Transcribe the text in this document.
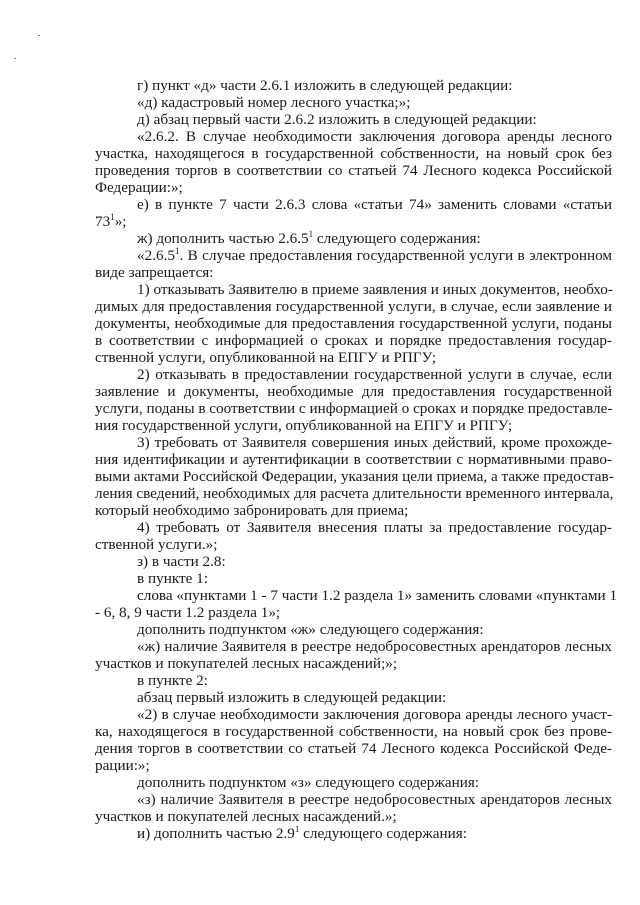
г) пункт «д» части 2.6.1 изложить в следующей редакции:
«д) кадастровый номер лесного участка;»;
д) абзац первый части 2.6.2 изложить в следующей редакции:
«2.6.2. В случае необходимости заключения договора аренды лесного
участка, находящегося в государственной собственности, на новый срок без
проведения торгов в соответствии со статьей 74 Лесного кодекса Российской
Федерации:»;
е) в пункте 7 части 2.6.3 слова «статьи 74» заменить словами «статьи
$73^1$»;
ж) дополнить частью 2.6.5$^1$ следующего содержания:
«2.6.5$^1$. В случае предоставления государственной услуги в электронном
виде запрещается:
1) отказывать Заявителю в приеме заявления и иных документов, необхо-
димых для предоставления государственной услуги, в случае, если заявление и
документы, необходимые для предоставления государственной услуги, поданы
в соответствии с информацией о сроках и порядке предоставления государ-
ственной услуги, опубликованной на ЕПГУ и РПГУ;
2) отказывать в предоставлении государственной услуги в случае, если
заявление и документы, необходимые для предоставления государственной
услуги, поданы в соответствии с информацией о сроках и порядке предоставле-
ния государственной услуги, опубликованной на ЕПГУ и РПГУ;
3) требовать от Заявителя совершения иных действий, кроме прохожде-
ния идентификации и аутентификации в соответствии с нормативными право-
выми актами Российской Федерации, указания цели приема, а также предостав-
ления сведений, необходимых для расчета длительности временного интервала,
который необходимо забронировать для приема;
4) требовать от Заявителя внесения платы за предоставление государ-
ственной услуги.»;
з) в части 2.8:
в пункте 1:
слова «пунктами 1 - 7 части 1.2 раздела 1» заменить словами «пунктами 1
- 6, 8, 9 части 1.2 раздела 1»;
дополнить подпунктом «ж» следующего содержания:
«ж) наличие Заявителя в реестре недобросовестных арендаторов лесных
участков и покупателей лесных насаждений;»;
в пункте 2:
абзац первый изложить в следующей редакции:
«2) в случае необходимости заключения договора аренды лесного участ-
ка, находящегося в государственной собственности, на новый срок без прове-
дения торгов в соответствии со статьей 74 Лесного кодекса Российской Феде-
рации:»;
дополнить подпунктом «з» следующего содержания:
«з) наличие Заявителя в реестре недобросовестных арендаторов лесных
участков и покупателей лесных насаждений.»;
и) дополнить частью $2.9^1$ следующего содержания:
